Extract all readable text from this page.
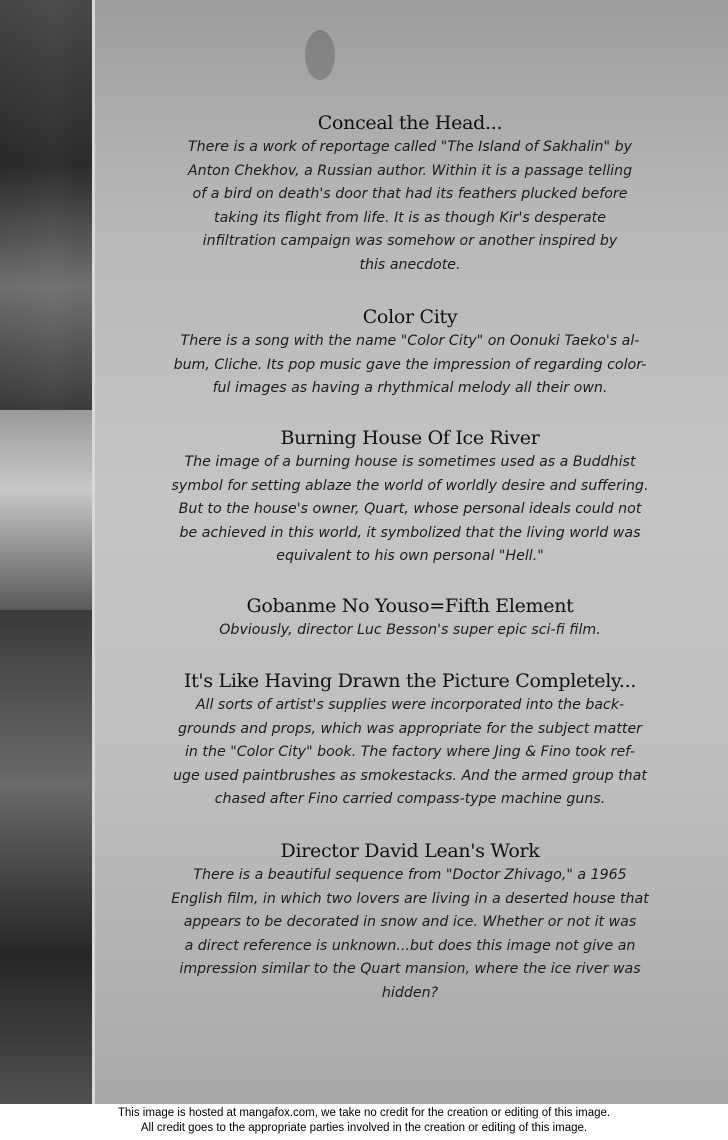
Conceal the Head...
There is a work of reportage called "The Island of Sakhalin" by
Anton Chekhov, a Russian author. Within it is a passage telling
of a bird on death's door that had its feathers plucked before
taking its flight from life. It is as though Kir's desperate
infiltration campaign was somehow or another inspired by
this anecdote.
Color City
There is a song with the name "Color City" on Oonuki Taeko's al-
bum, Cliche. Its pop music gave the impression of regarding color-
ful images as having a rhythmical melody all their own.
Burning House Of Ice River
The image of a burning house is sometimes used as a Buddhist
symbol for setting ablaze the world of worldly desire and suffering.
But to the house's owner, Quart, whose personal ideals could not
be achieved in this world, it symbolized that the living world was
equivalent to his own personal "Hell."
Gobanme No Youso=Fifth Element
Obviously, director Luc Besson's super epic sci-fi film.
It's Like Having Drawn the Picture Completely...
All sorts of artist's supplies were incorporated into the back-
grounds and props, which was appropriate for the subject matter
in the "Color City" book. The factory where Jing & Fino took ref-
uge used paintbrushes as smokestacks. And the armed group that
chased after Fino carried compass-type machine guns.
Director David Lean's Work
There is a beautiful sequence from "Doctor Zhivago," a 1965
English film, in which two lovers are living in a deserted house that
appears to be decorated in snow and ice. Whether or not it was
a direct reference is unknown...but does this image not give an
impression similar to the Quart mansion, where the ice river was
hidden?
This image is hosted at mangafox.com, we take no credit for the creation or editing of this image.
All credit goes to the appropriate parties involved in the creation or editing of this image.
